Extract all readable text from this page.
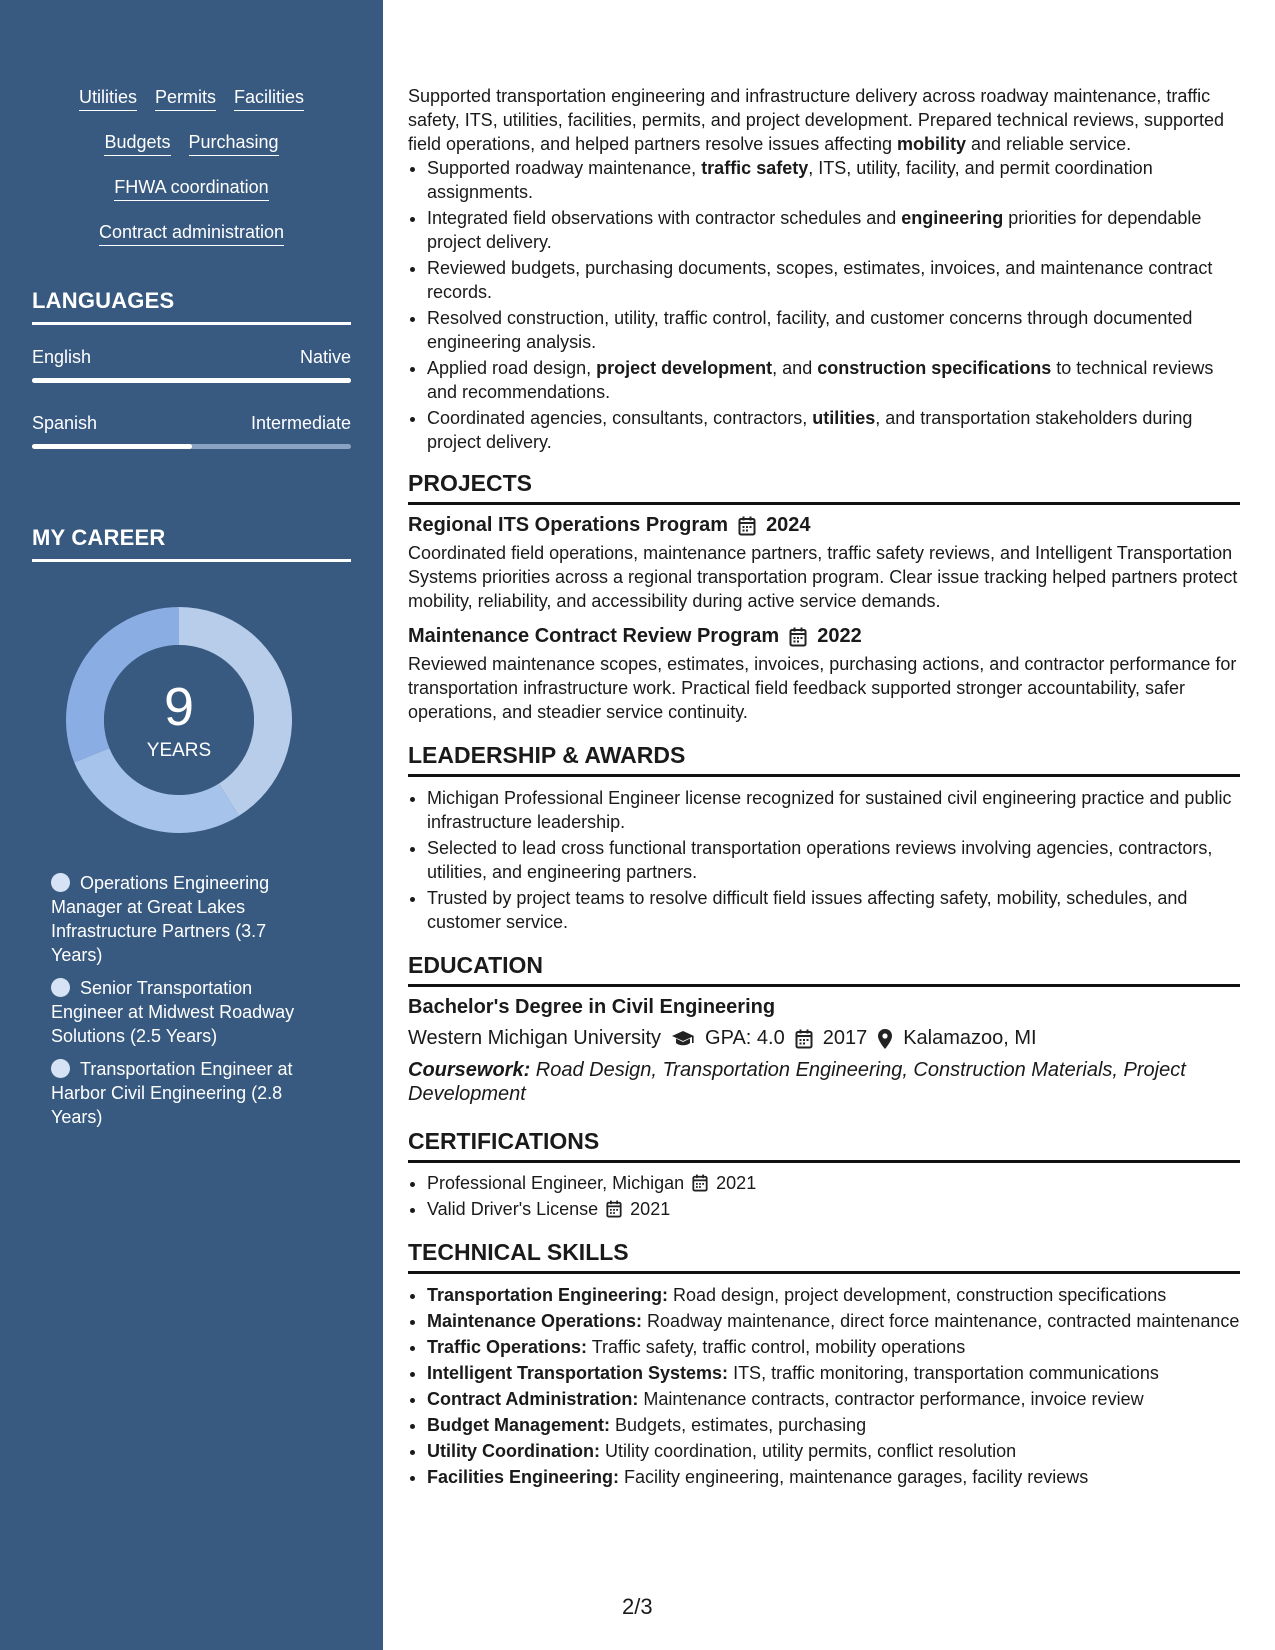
Utilities Permits Facilities
Budgets Purchasing
FHWA coordination
Contract administration
LANGUAGES
English	Native
Spanish	Intermediate
MY CAREER
9
YEARS
Operations Engineering Manager at Great Lakes Infrastructure Partners (3.7 Years)
Senior Transportation Engineer at Midwest Roadway Solutions (2.5 Years)
Transportation Engineer at Harbor Civil Engineering (2.8 Years)

Supported transportation engineering and infrastructure delivery across roadway maintenance, traffic safety, ITS, utilities, facilities, permits, and project development. Prepared technical reviews, supported field operations, and helped partners resolve issues affecting mobility and reliable service.

• Supported roadway maintenance, traffic safety, ITS, utility, facility, and permit coordination assignments.
• Integrated field observations with contractor schedules and engineering priorities for dependable project delivery.
• Reviewed budgets, purchasing documents, scopes, estimates, invoices, and maintenance contract records.
• Resolved construction, utility, traffic control, facility, and customer concerns through documented engineering analysis.
• Applied road design, project development, and construction specifications to technical reviews and recommendations.
• Coordinated agencies, consultants, contractors, utilities, and transportation stakeholders during project delivery.
PROJECTS
Regional ITS Operations Program 2024
Coordinated field operations, maintenance partners, traffic safety reviews, and Intelligent Transportation Systems priorities across a regional transportation program. Clear issue tracking helped partners protect mobility, reliability, and accessibility during active service demands.
Maintenance Contract Review Program 2022
Reviewed maintenance scopes, estimates, invoices, purchasing actions, and contractor performance for transportation infrastructure work. Practical field feedback supported stronger accountability, safer operations, and steadier service continuity.
LEADERSHIP & AWARDS
• Michigan Professional Engineer license recognized for sustained civil engineering practice and public infrastructure leadership.
• Selected to lead cross functional transportation operations reviews involving agencies, contractors, utilities, and engineering partners.
• Trusted by project teams to resolve difficult field issues affecting safety, mobility, schedules, and customer service.
EDUCATION
Bachelor's Degree in Civil Engineering
Western Michigan University GPA: 4.0 2017 Kalamazoo, MI
Coursework: Road Design, Transportation Engineering, Construction Materials, Project Development
CERTIFICATIONS
• Professional Engineer, Michigan 2021
• Valid Driver's License 2021
TECHNICAL SKILLS
• Transportation Engineering: Road design, project development, construction specifications
• Maintenance Operations: Roadway maintenance, direct force maintenance, contracted maintenance
• Traffic Operations: Traffic safety, traffic control, mobility operations
• Intelligent Transportation Systems: ITS, traffic monitoring, transportation communications
• Contract Administration: Maintenance contracts, contractor performance, invoice review
• Budget Management: Budgets, estimates, purchasing
• Utility Coordination: Utility coordination, utility permits, conflict resolution
• Facilities Engineering: Facility engineering, maintenance garages, facility reviews
2/3
